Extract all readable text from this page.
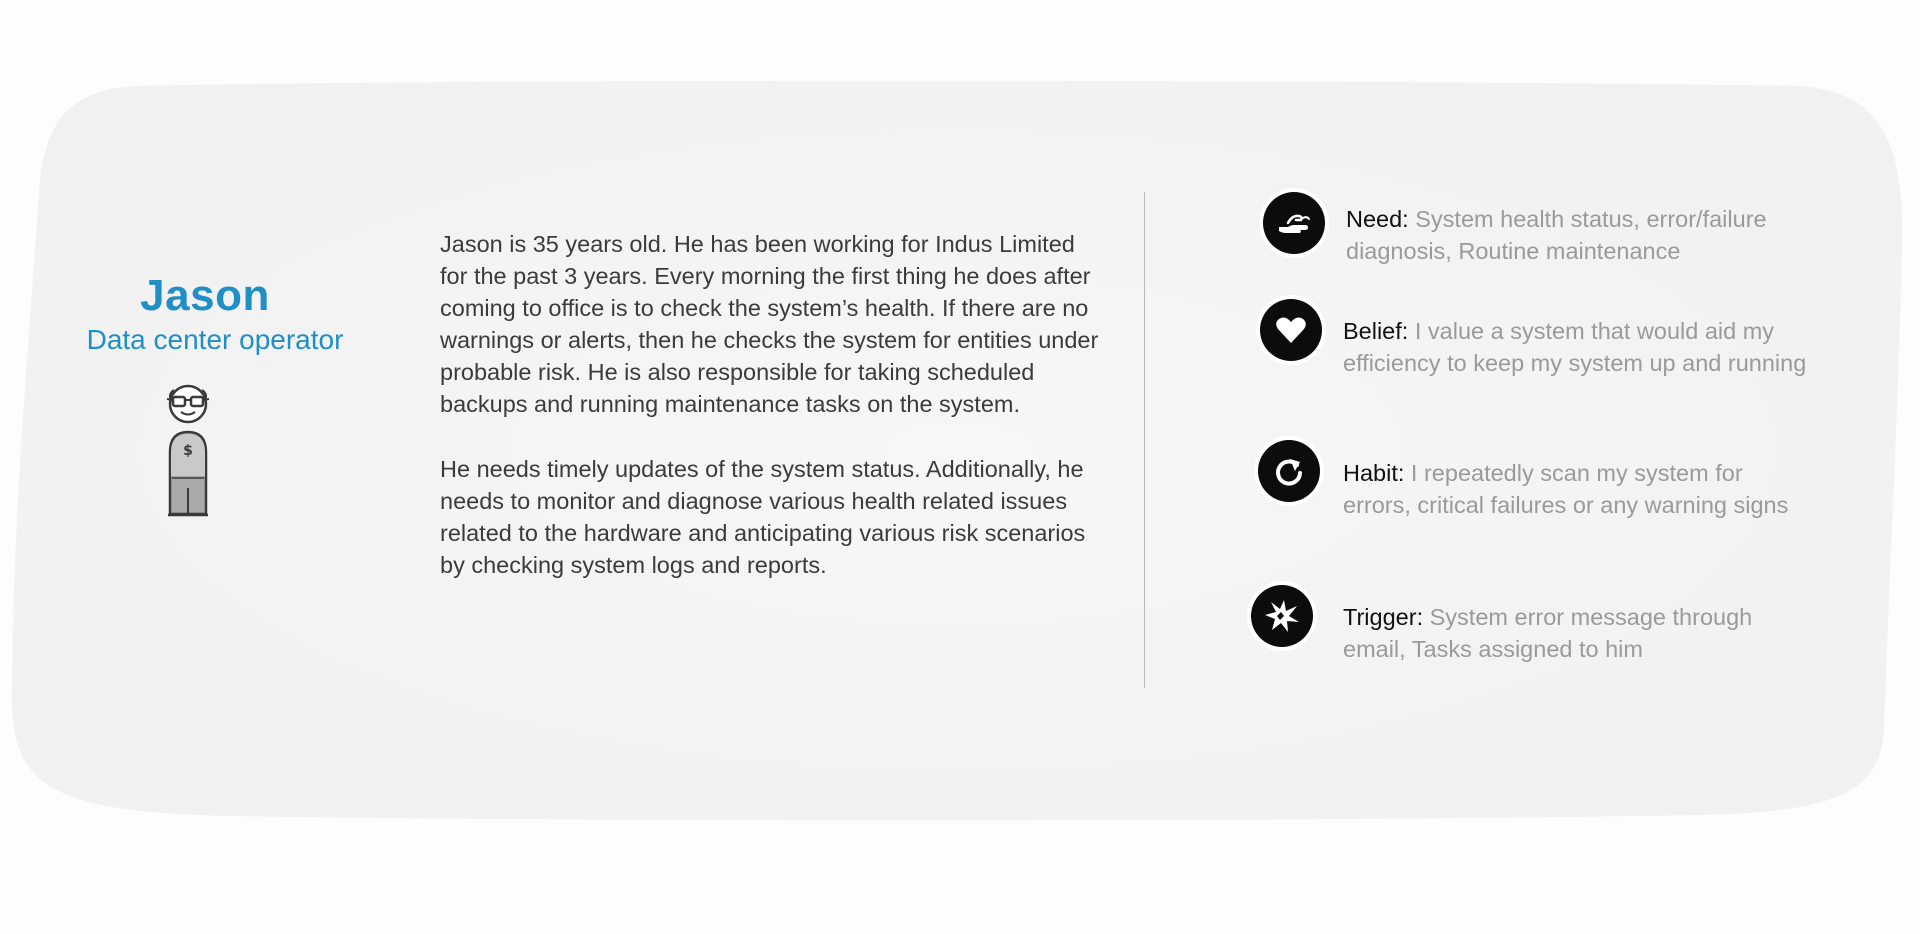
Jason
Data center operator
$

Jason is 35 years old. He has been working for Indus Limited for the past 3 years. Every morning the first thing he does after coming to office is to check the system’s health. If there are no warnings or alerts, then he checks the system for entities under probable risk. He is also responsible for taking scheduled backups and running maintenance tasks on the system.

He needs timely updates of the system status. Additionally, he needs to monitor and diagnose various health related issues related to the hardware and anticipating various risk scenarios by checking system logs and reports.

Need: System health status, error/failure diagnosis, Routine maintenance
Belief: I value a system that would aid my efficiency to keep my system up and running
Habit: I repeatedly scan my system for errors, critical failures or any warning signs
Trigger: System error message through email, Tasks assigned to him
